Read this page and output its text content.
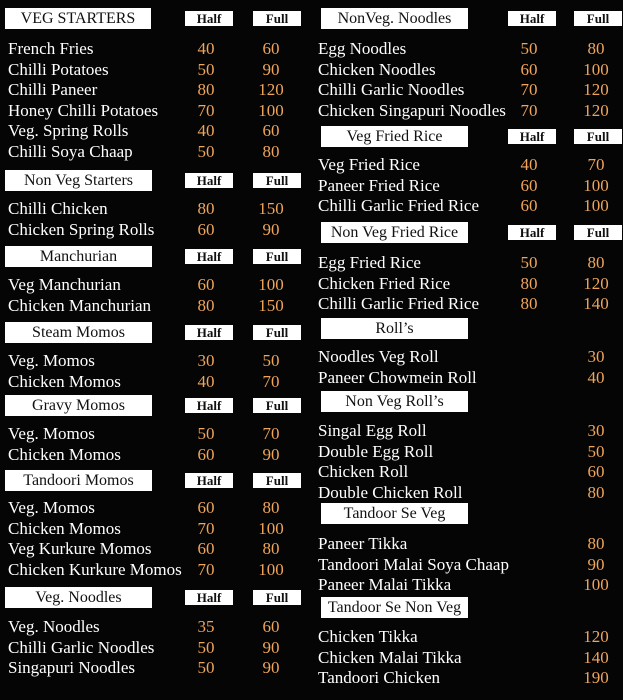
VEG STARTERS	Half	Full
French Fries	40	60
Chilli Potatoes	50	90
Chilli Paneer	80	120
Honey Chilli Potatoes	70	100
Veg. Spring Rolls	40	60
Chilli Soya Chaap	50	80
Non Veg Starters	Half	Full
Chilli Chicken	80	150
Chicken Spring Rolls	60	90
Manchurian	Half	Full
Veg Manchurian	60	100
Chicken Manchurian	80	150
Steam Momos	Half	Full
Veg. Momos	30	50
Chicken Momos	40	70
Gravy Momos	Half	Full
Veg. Momos	50	70
Chicken Momos	60	90
Tandoori Momos	Half	Full
Veg. Momos	60	80
Chicken Momos	70	100
Veg Kurkure Momos	60	80
Chicken Kurkure Momos 70	100
Veg. Noodles	Half	Full
Veg. Noodles	35	60
Chilli Garlic Noodles	50	90
Singapuri Noodles	50	90
NonVeg. Noodles	Half	Full
Egg Noodles	50	80
Chicken Noodles	60	100
Chilli Garlic Noodles	70	120
Chicken Singapuri Noodles 70	120
Veg Fried Rice	Half	Full
Veg Fried Rice	40	70
Paneer Fried Rice	60	100
Chilli Garlic Fried Rice	60	100
Non Veg Fried Rice	Half	Full
Egg Fried Rice	50	80
Chicken Fried Rice	80	120
Chilli Garlic Fried Rice	80	140
Roll’s
Noodles Veg Roll	30
Paneer Chowmein Roll	40
Non Veg Roll’s
Singal Egg Roll	30
Double Egg Roll	50
Chicken Roll	60
Double Chicken Roll	80
Tandoor Se Veg
Paneer Tikka	80
Tandoori Malai Soya Chaap	90
Paneer Malai Tikka	100
Tandoor Se Non Veg
Chicken Tikka	120
Chicken Malai Tikka	140
Tandoori Chicken	190
